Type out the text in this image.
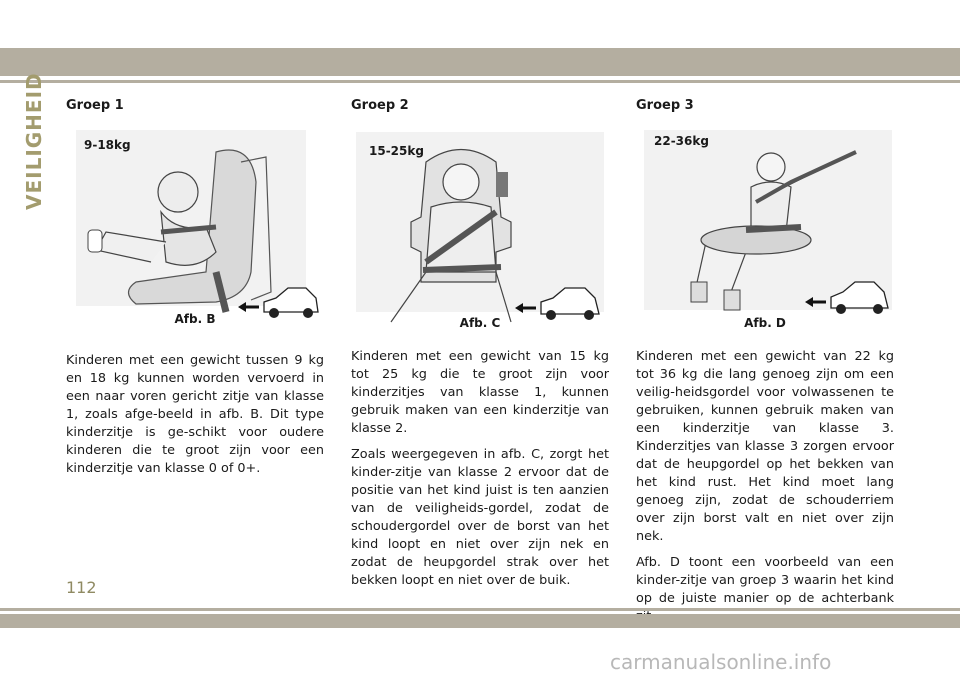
VEILIGHEID Groep 1
9-18kg
Afb. B

Kinderen met een gewicht tussen 9 kg en 18 kg kunnen worden vervoerd in een naar voren gericht zitje van klasse 1, zoals afge-beeld in afb. B. Dit type kinderzitje is ge-schikt voor oudere kinderen die te groot zijn voor een kinderzitje van klasse 0 of 0+.

Groep 2
15-25kg
Afb. C

Kinderen met een gewicht van 15 kg tot 25 kg die te groot zijn voor kinderzitjes van klasse 1, kunnen gebruik maken van een kinderzitje van klasse 2.

Zoals weergegeven in afb. C, zorgt het kinder-zitje van klasse 2 ervoor dat de positie van het kind juist is ten aanzien van de veiligheids-gordel, zodat de schoudergordel over de borst van het kind loopt en niet over zijn nek en zodat de heupgordel strak over het bekken loopt en niet over de buik.

Groep 3
22-36kg
Afb. D

Kinderen met een gewicht van 22 kg tot 36 kg die lang genoeg zijn om een veilig-heidsgordel voor volwassenen te gebruiken, kunnen gebruik maken van een kinderzitje van klasse 3. Kinderzitjes van klasse 3 zorgen ervoor dat de heupgordel op het bekken van het kind rust. Het kind moet lang genoeg zijn, zodat de schouderriem over zijn borst valt en niet over zijn nek.

Afb. D toont een voorbeeld van een kinder-zitje van groep 3 waarin het kind op de juiste manier op de achterbank

112
carmanualsonline.info
